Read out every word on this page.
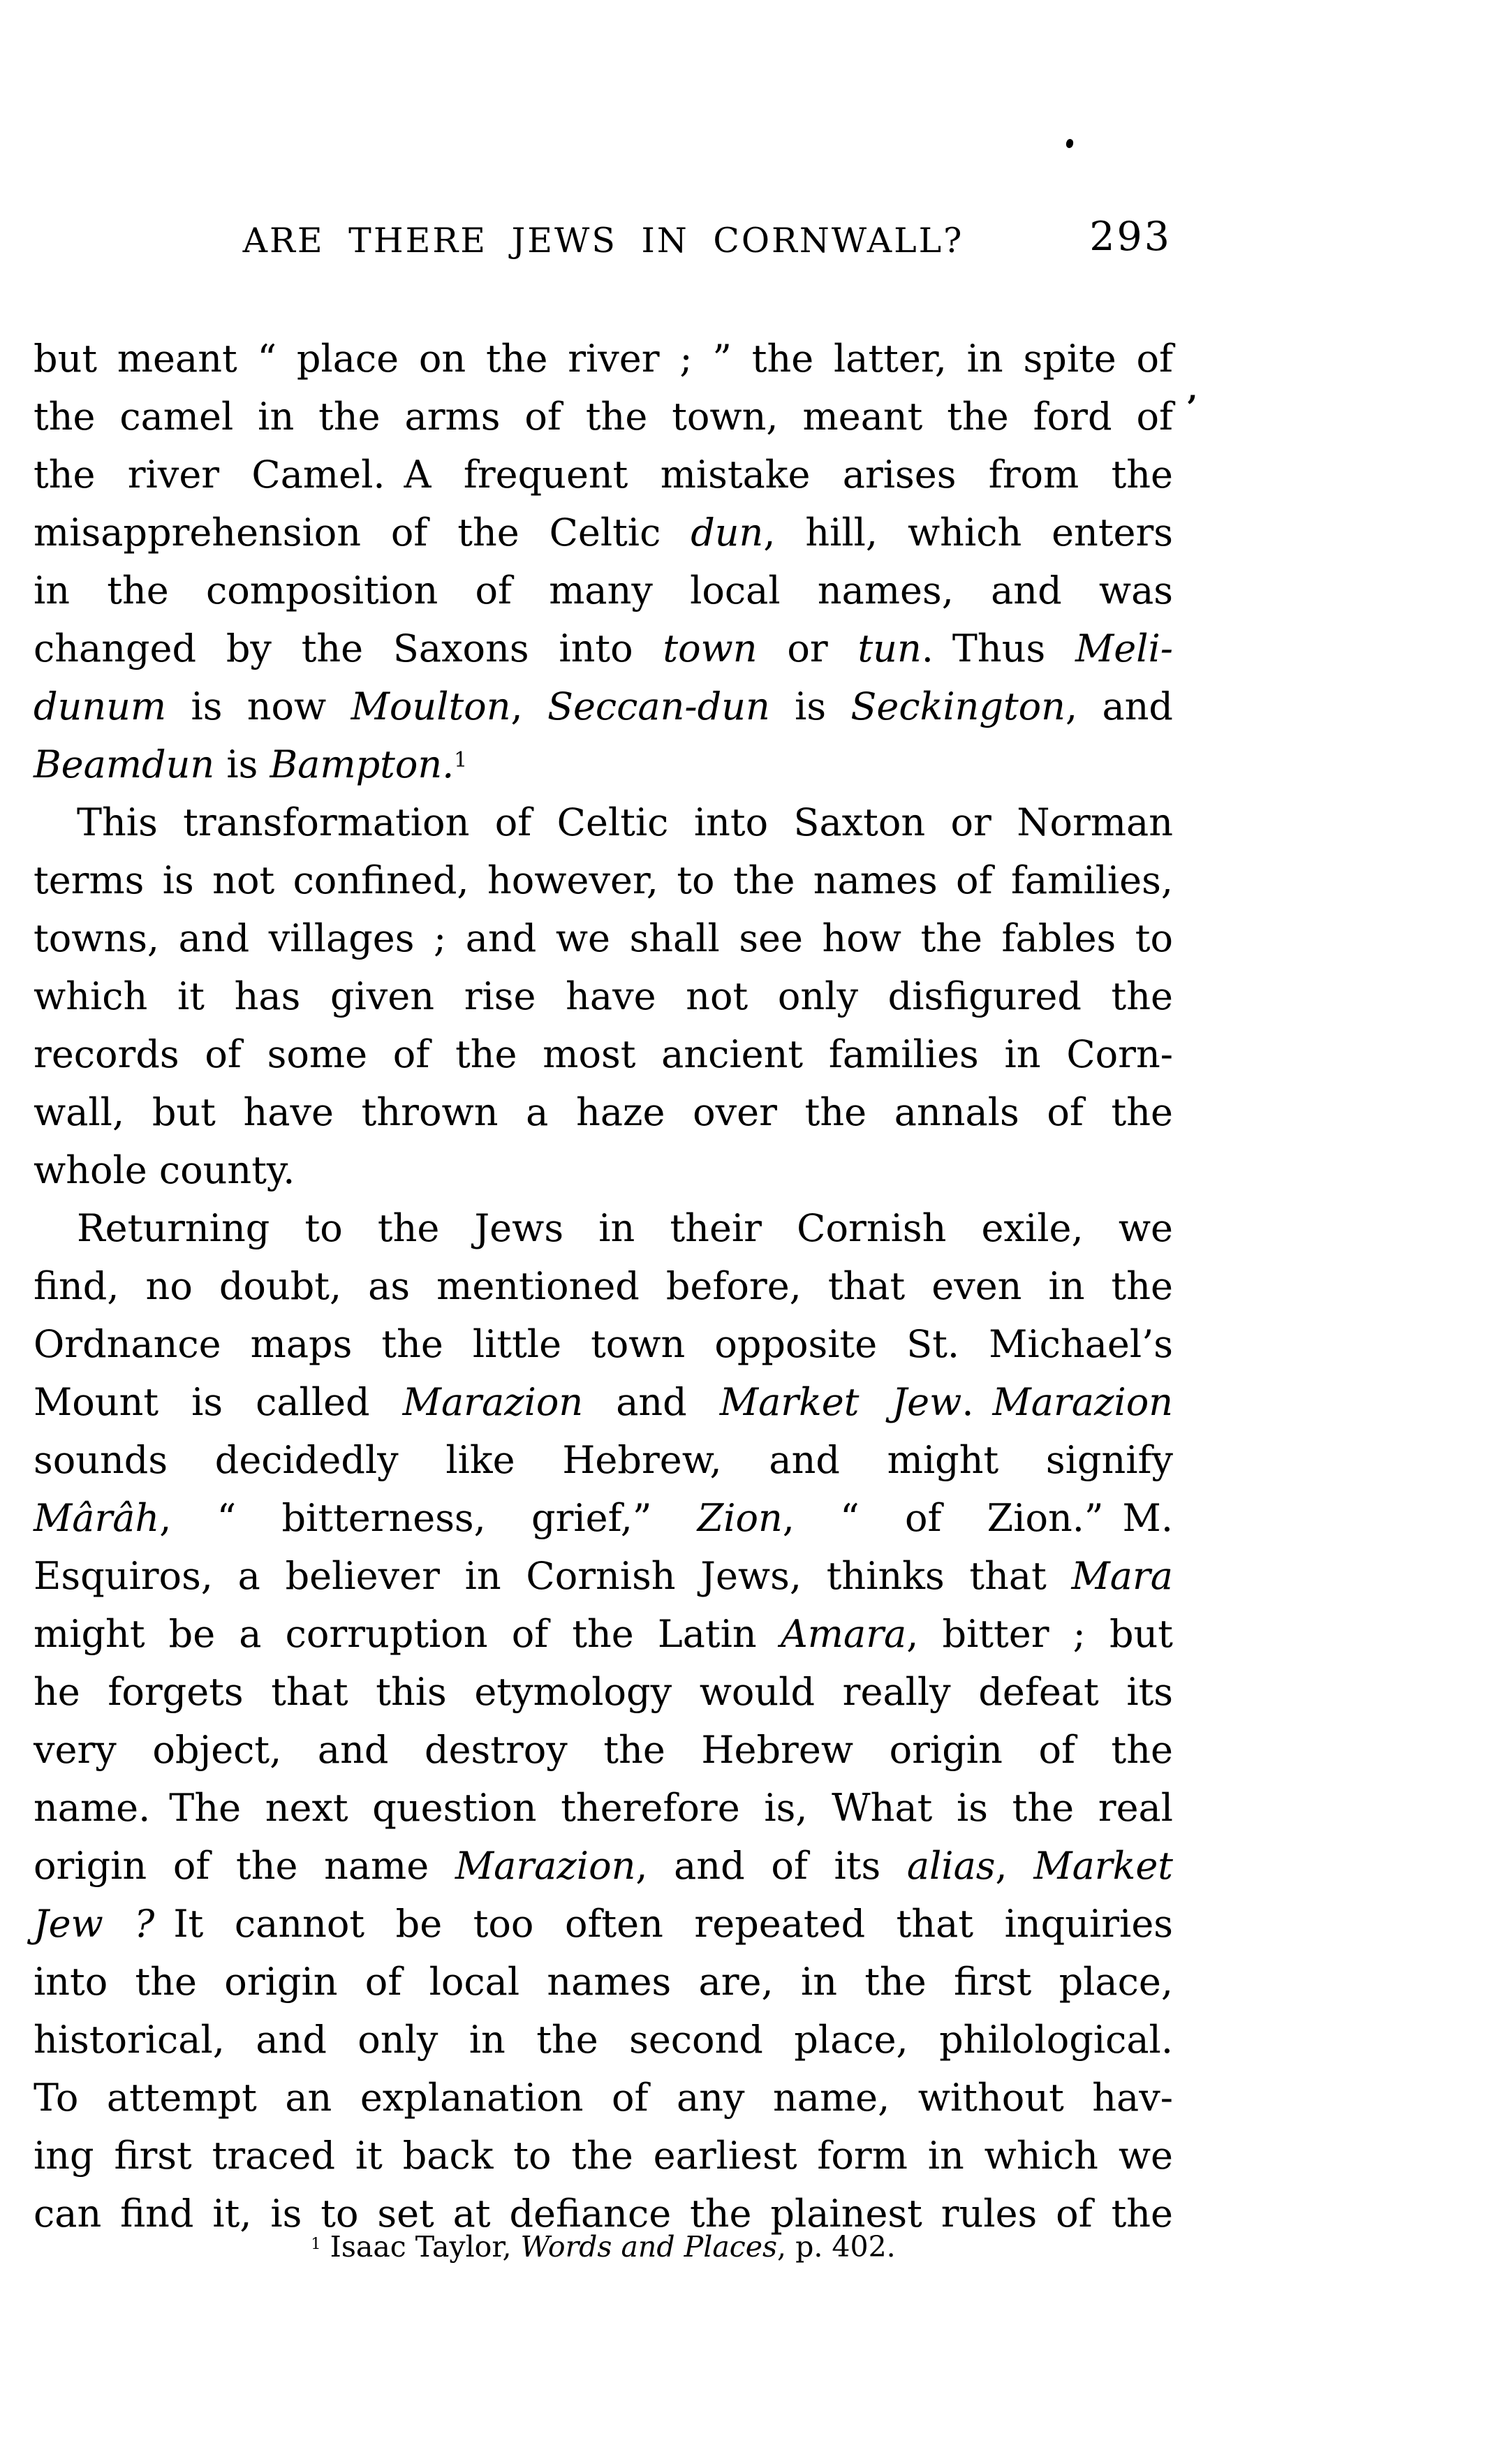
ARE THERE JEWS IN CORNWALL?	293
but meant “ place on the river ; ” the latter, in spite of
the camel in the arms of the town, meant the ford of
the river Camel. A frequent mistake arises from the
misapprehension of the Celtic dun, hill, which enters
in the composition of many local names, and was
changed by the Saxons into town or tun. Thus Meli-
dunum is now Moulton, Seccan-dun is Seckington, and
Beamdun is Bampton.$^1$
This transformation of Celtic into Saxton or Norman
terms is not confined, however, to the names of families,
towns, and villages ; and we shall see how the fables to
which it has given rise have not only disfigured the
records of some of the most ancient families in Corn-
wall, but have thrown a haze over the annals of the
whole county.
Returning to the Jews in their Cornish exile, we
find, no doubt, as mentioned before, that even in the
Ordnance maps the little town opposite St. Michael’s
Mount is called Marazion and Market Jew. Marazion
sounds decidedly like Hebrew, and might signify
Mârâh, “ bitterness, grief,” Zion, “ of Zion.” M.
Esquiros, a believer in Cornish Jews, thinks that Mara
might be a corruption of the Latin Amara, bitter ; but
he forgets that this etymology would really defeat its
very object, and destroy the Hebrew origin of the
name. The next question therefore is, What is the real
origin of the name Marazion, and of its alias, Market
Jew ? It cannot be too often repeated that inquiries
into the origin of local names are, in the first place,
historical, and only in the second place, philological.
To attempt an explanation of any name, without hav-
ing first traced it back to the earliest form in which we
can find it, is to set at defiance the plainest rules of the
$^1$ Isaac Taylor, Words and Places, p. 402.
’
